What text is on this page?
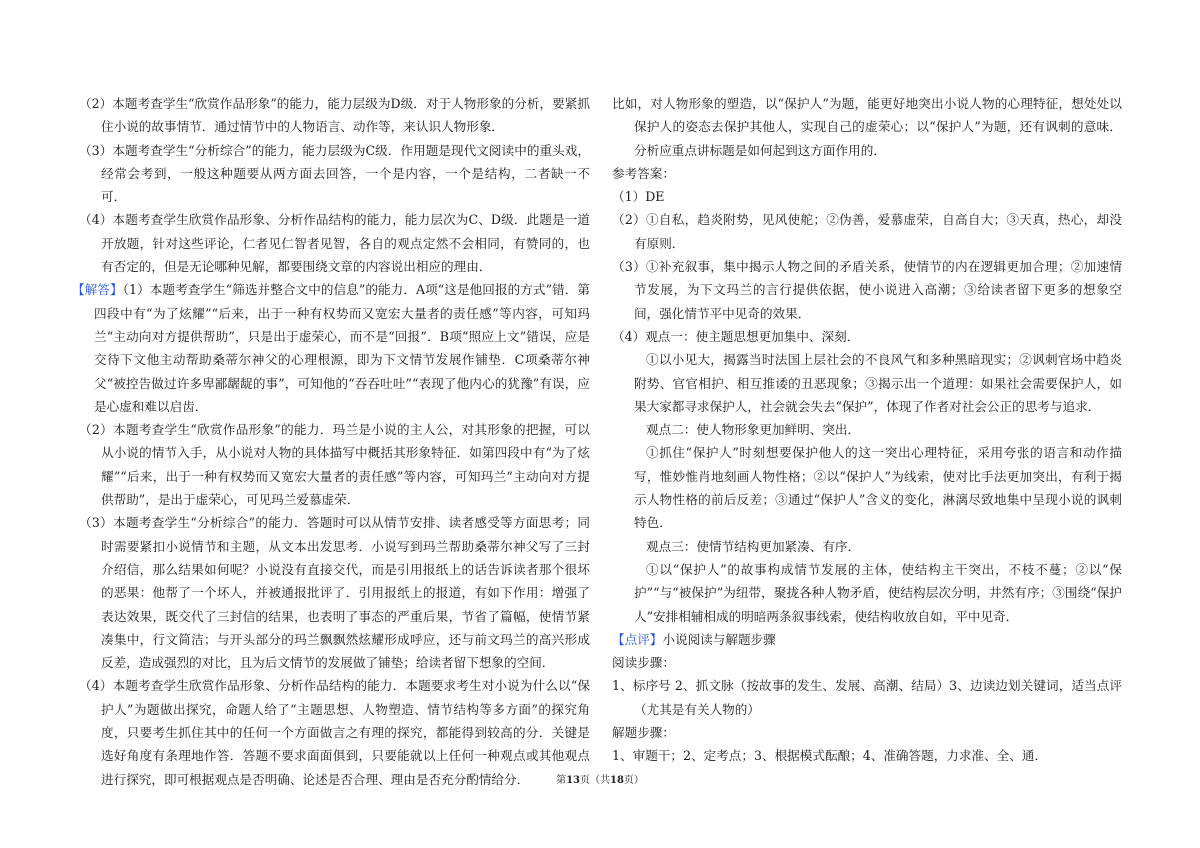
（2）本题考查学生“欣赏作品形象”的能力，能力层级为D级．对于人物形象的分析，要紧抓住小说的故事情节．通过情节中的人物语言、动作等，来认识人物形象．

（3）本题考查学生“分析综合”的能力，能力层级为C级．作用题是现代文阅读中的重头戏，经常会考到，一般这种题要从两方面去回答，一个是内容，一个是结构，二者缺一不可．

（4）本题考查学生欣赏作品形象、分析作品结构的能力，能力层次为C、D级．此题是一道开放题，针对这些评论，仁者见仁智者见智，各自的观点定然不会相同，有赞同的，也有否定的，但是无论哪种见解，都要围绕文章的内容说出相应的理由．

【解答】（1）本题考查学生“筛选并整合文中的信息”的能力．A项“这是他回报的方式”错．第四段中有“为了炫耀”“后来，出于一种有权势而又宽宏大量者的责任感”等内容，可知玛兰“主动向对方提供帮助”，只是出于虚荣心，而不是“回报”．B项“照应上文”错误，应是交待下文他主动帮助桑蒂尔神父的心理根源，即为下文情节发展作铺垫．C项桑蒂尔神父“被控告做过许多卑鄙龌龊的事”，可知他的“吞吞吐吐”“表现了他内心的犹豫”有误，应是心虚和难以启齿．

（2）本题考查学生“欣赏作品形象”的能力．玛兰是小说的主人公，对其形象的把握，可以从小说的情节入手，从小说对人物的具体描写中概括其形象特征．如第四段中有“为了炫耀”“后来，出于一种有权势而又宽宏大量者的责任感”等内容，可知玛兰“主动向对方提供帮助”，是出于虚荣心，可见玛兰爱慕虚荣．

（3）本题考查学生“分析综合”的能力．答题时可以从情节安排、读者感受等方面思考；同时需要紧扣小说情节和主题，从文本出发思考．小说写到玛兰帮助桑蒂尔神父写了三封介绍信，那么结果如何呢？小说没有直接交代，而是引用报纸上的话告诉读者那个很坏的恶果：他帮了一个坏人，并被通报批评了．引用报纸上的报道，有如下作用：增强了表达效果，既交代了三封信的结果，也表明了事态的严重后果，节省了篇幅，使情节紧凑集中，行文简洁；与开头部分的玛兰飘飘然炫耀形成呼应，还与前文玛兰的高兴形成反差，造成强烈的对比，且为后文情节的发展做了铺垫；给读者留下想象的空间．

（4）本题考查学生欣赏作品形象、分析作品结构的能力．本题要求考生对小说为什么以“保护人”为题做出探究，命题人给了“主题思想、人物塑造、情节结构等多方面”的探究角度，只要考生抓住其中的任何一个方面做言之有理的探究，都能得到较高的分．关键是选好角度有条理地作答．答题不要求面面俱到，只要能就以上任何一种观点或其他观点进行探究，即可根据观点是否明确、论述是否合理、理由是否充分酌情给分．

比如，对人物形象的塑造，以“保护人”为题，能更好地突出小说人物的心理特征，想处处以保护人的姿态去保护其他人，实现自己的虚荣心；以“保护人”为题，还有讽刺的意味．分析应重点讲标题是如何起到这方面作用的．

参考答案：

（1）DE

（2）①自私，趋炎附势，见风使舵；②伪善，爱慕虚荣，自高自大；③天真，热心，却没有原则．

（3）①补充叙事，集中揭示人物之间的矛盾关系，使情节的内在逻辑更加合理；②加速情节发展，为下文玛兰的言行提供依据，使小说进入高潮；③给读者留下更多的想象空间，强化情节平中见奇的效果．

（4）观点一：使主题思想更加集中、深刻．

①以小见大，揭露当时法国上层社会的不良风气和多种黑暗现实；②讽刺官场中趋炎附势、官官相护、相互推诿的丑恶现象；③揭示出一个道理：如果社会需要保护人，如果大家都寻求保护人，社会就会失去“保护”，体现了作者对社会公正的思考与追求．

观点二：使人物形象更加鲜明、突出．

①抓住“保护人”时刻想要保护他人的这一突出心理特征，采用夸张的语言和动作描写，惟妙惟肖地刻画人物性格；②以“保护人”为线索，使对比手法更加突出，有利于揭示人物性格的前后反差；③通过“保护人”含义的变化，淋漓尽致地集中呈现小说的讽刺特色．

观点三：使情节结构更加紧凑、有序．

①以“保护人”的故事构成情节发展的主体，使结构主干突出，不枝不蔓；②以“保护”“与“被保护”为纽带，聚拢各种人物矛盾，使结构层次分明，井然有序；③围绕“保护人”安排相辅相成的明暗两条叙事线索，使结构收放自如，平中见奇．

【点评】小说阅读与解题步骤

阅读步骤：

1、标序号 2、抓文脉（按故事的发生、发展、高潮、结局）3、边读边划关键词，适当点评（尤其是有关人物的）

解题步骤：

1、审题干；2、定考点；3、根据模式酝酿；4、准确答题，力求准、全、通．

第13页（共18页）
